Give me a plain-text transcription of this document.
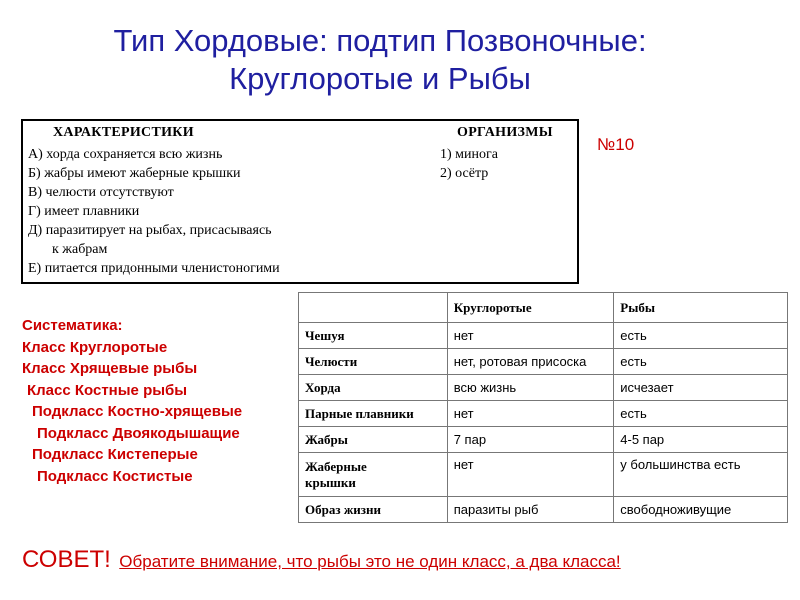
Тип Хордовые: подтип Позвоночные:
Круглоротые и Рыбы
ХАРАКТЕРИСТИКИ	ОРГАНИЗМЫ
А) хорда сохраняется всю жизнь
Б) жабры имеют жаберные крышки
В) челюсти отсутствуют
Г) имеет плавники
Д) паразитирует на рыбах, присасываясь
к жабрам
Е) питается придонными членистоногими
1) минога
2) осётр
№10
Систематика:
Класс Круглоротые
Класс Хрящевые рыбы
Класс Костные рыбы
Подкласс Костно-хрящевые
Подкласс Двоякодышащие
Подкласс Кистеперые
Подкласс Костистые
	Круглоротые	Рыбы
Чешуя	нет	есть
Челюсти	нет, ротовая присоска	есть
Хорда	всю жизнь	исчезает
Парные плавники	нет	есть
Жабры	7 пар	4-5 пар
Жаберные крышки	нет	у большинства есть
Образ жизни	паразиты рыб	свободноживущие
СОВЕТ! Обратите внимание, что рыбы это не один класс, а два класса!
